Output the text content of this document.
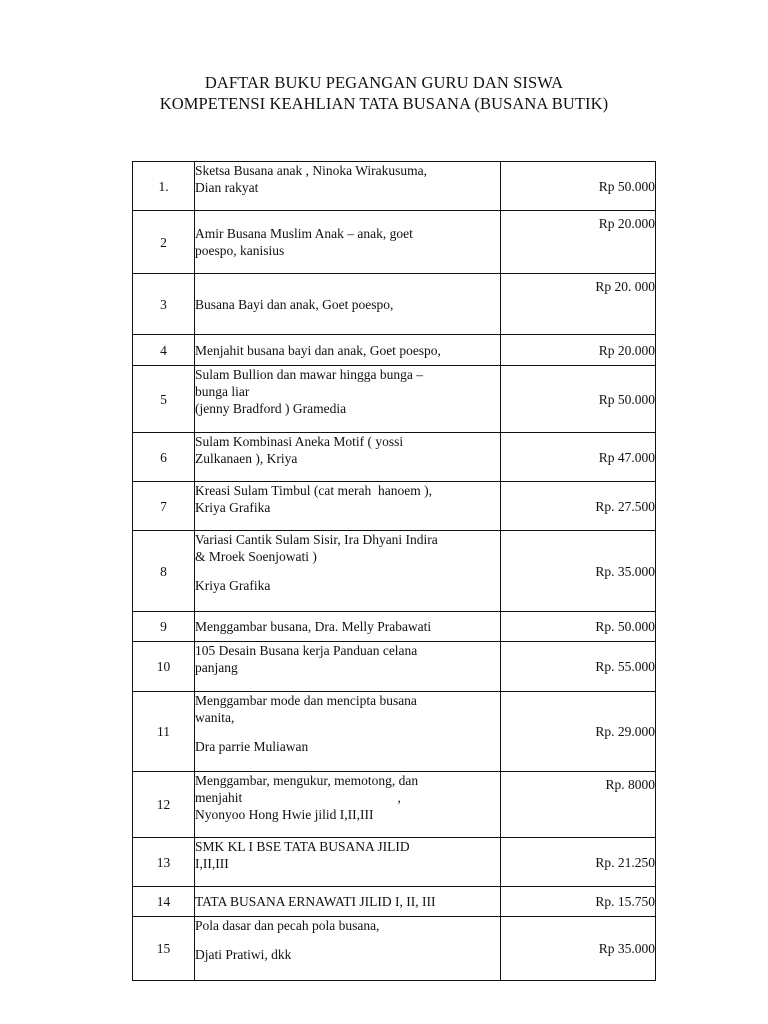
DAFTAR BUKU PEGANGAN GURU DAN SISWA
KOMPETENSI KEAHLIAN TATA BUSANA (BUSANA BUTIK)
1.	Sketsa Busana anak , Ninoka Wirakusuma,
Dian rakyat	Rp 50.000
2	Amir Busana Muslim Anak – anak, goet
poespo, kanisius	Rp 20.000
3	Busana Bayi dan anak, Goet poespo,	Rp 20. 000
4	Menjahit busana bayi dan anak, Goet poespo,	Rp 20.000
5	Sulam Bullion dan mawar hingga bunga –
bunga liar
(jenny Bradford ) Gramedia	Rp 50.000
6	Sulam Kombinasi Aneka Motif ( yossi
Zulkanaen ), Kriya	Rp 47.000
7	Kreasi Sulam Timbul (cat merah  hanoem ),
Kriya Grafika	Rp. 27.500
8	Variasi Cantik Sulam Sisir, Ira Dhyani Indira
& Mroek Soenjowati )
Kriya Grafika	Rp. 35.000
9	Menggambar busana, Dra. Melly Prabawati	Rp. 50.000
10	105 Desain Busana kerja Panduan celana
panjang	Rp. 55.000
11	Menggambar mode dan mencipta busana
wanita,
Dra parrie Muliawan	Rp. 29.000
12	Menggambar, mengukur, memotong, dan
menjahit                                              ,
Nyonyoo Hong Hwie jilid I,II,III	Rp. 8000
13	SMK KL I BSE TATA BUSANA JILID
I,II,III	Rp. 21.250
14	TATA BUSANA ERNAWATI JILID I, II, III	Rp. 15.750
15	Pola dasar dan pecah pola busana,
Djati Pratiwi, dkk	Rp 35.000
